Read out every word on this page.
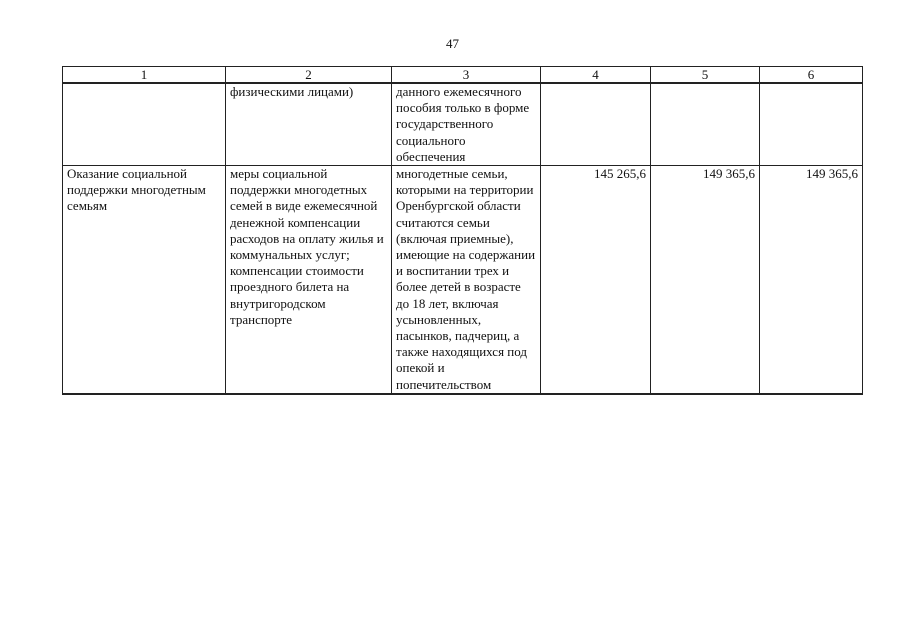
47
1	2	3	4	5	6
	физическими лицами)	данного ежемесячного пособия только в форме государственного социального обеспечения			
Оказание социальной поддержки многодетным семьям	меры социальной поддержки многодетных семей в виде ежемесячной денежной компенсации расходов на оплату жилья и коммунальных услуг; компенсации стоимости проездного билета на внутригородском транспорте	многодетные семьи, которыми на территории Оренбургской области считаются семьи (включая приемные), имеющие на содержании и воспитании трех и более детей в возрасте до 18 лет, включая усыновленных, пасынков, падчериц, а также находящихся под опекой и попечительством	145 265,6	149 365,6	149 365,6
